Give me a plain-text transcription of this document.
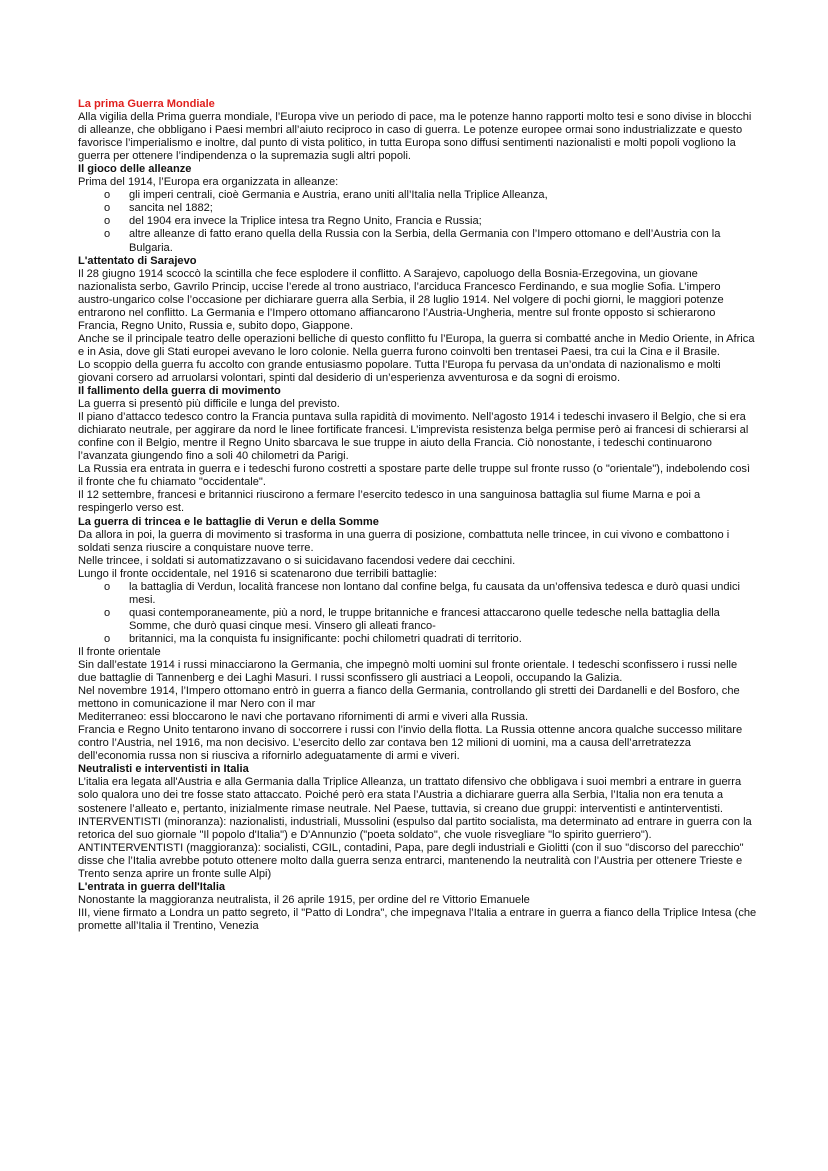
La prima Guerra Mondiale

Alla vigilia della Prima guerra mondiale, l’Europa vive un periodo di pace, ma le potenze hanno rapporti molto tesi e sono divise in blocchi di alleanze, che obbligano i Paesi membri all’aiuto reciproco in caso di guerra. Le potenze europee ormai sono industrializzate e questo favorisce l’imperialismo e inoltre, dal punto di vista politico, in tutta Europa sono diffusi sentimenti nazionalisti e molti popoli vogliono la guerra per ottenere l’indipendenza o la supremazia sugli altri popoli.

Il gioco delle alleanze

Prima del 1914, l’Europa era organizzata in alleanze:

o gli imperi centrali, cioè Germania e Austria, erano uniti all’Italia nella Triplice Alleanza,
o sancita nel 1882;
o del 1904 era invece la Triplice intesa tra Regno Unito, Francia e Russia;
o altre alleanze di fatto erano quella della Russia con la Serbia, della Germania con l’Impero ottomano e dell’Austria con la Bulgaria.

L'attentato di Sarajevo

Il 28 giugno 1914 scoccò la scintilla che fece esplodere il conflitto. A Sarajevo, capoluogo della Bosnia-Erzegovina, un giovane nazionalista serbo, Gavrilo Princip, uccise l’erede al trono austriaco, l’arciduca Francesco Ferdinando, e sua moglie Sofia. L’impero austro-ungarico colse l’occasione per dichiarare guerra alla Serbia, il 28 luglio 1914. Nel volgere di pochi giorni, le maggiori potenze entrarono nel conflitto. La Germania e l’Impero ottomano affiancarono l’Austria-Ungheria, mentre sul fronte opposto si schierarono Francia, Regno Unito, Russia e, subito dopo, Giappone.

Anche se il principale teatro delle operazioni belliche di questo conflitto fu l’Europa, la guerra si combatté anche in Medio Oriente, in Africa e in Asia, dove gli Stati europei avevano le loro colonie. Nella guerra furono coinvolti ben trentasei Paesi, tra cui la Cina e il Brasile.

Lo scoppio della guerra fu accolto con grande entusiasmo popolare. Tutta l’Europa fu pervasa da un’ondata di nazionalismo e molti giovani corsero ad arruolarsi volontari, spinti dal desiderio di un’esperienza avventurosa e da sogni di eroismo.

Il fallimento della guerra di movimento

La guerra si presentò più difficile e lunga del previsto.

Il piano d’attacco tedesco contro la Francia puntava sulla rapidità di movimento. Nell’agosto 1914 i tedeschi invasero il Belgio, che si era dichiarato neutrale, per aggirare da nord le linee fortificate francesi. L’imprevista resistenza belga permise però ai francesi di schierarsi al confine con il Belgio, mentre il Regno Unito sbarcava le sue truppe in aiuto della Francia. Ciò nonostante, i tedeschi continuarono l’avanzata giungendo fino a soli 40 chilometri da Parigi.

La Russia era entrata in guerra e i tedeschi furono costretti a spostare parte delle truppe sul fronte russo (o "orientale"), indebolendo così il fronte che fu chiamato "occidentale".

Il 12 settembre, francesi e britannici riuscirono a fermare l’esercito tedesco in una sanguinosa battaglia sul fiume Marna e poi a respingerlo verso est.

La guerra di trincea e le battaglie di Verun e della Somme

Da allora in poi, la guerra di movimento si trasforma in una guerra di posizione, combattuta nelle trincee, in cui vivono e combattono i soldati senza riuscire a conquistare nuove terre.

Nelle trincee, i soldati si automatizzavano o si suicidavano facendosi vedere dai cecchini.

Lungo il fronte occidentale, nel 1916 si scatenarono due terribili battaglie:

o la battaglia di Verdun, località francese non lontano dal confine belga, fu causata da un’offensiva tedesca e durò quasi undici mesi.
o quasi contemporaneamente, più a nord, le truppe britanniche e francesi attaccarono quelle tedesche nella battaglia della Somme, che durò quasi cinque mesi. Vinsero gli alleati franco-
o britannici, ma la conquista fu insignificante: pochi chilometri quadrati di territorio.

Il fronte orientale

Sin dall’estate 1914 i russi minacciarono la Germania, che impegnò molti uomini sul fronte orientale. I tedeschi sconfissero i russi nelle due battaglie di Tannenberg e dei Laghi Masuri. I russi sconfissero gli austriaci a Leopoli, occupando la Galizia.

Nel novembre 1914, l’Impero ottomano entrò in guerra a fianco della Germania, controllando gli stretti dei Dardanelli e del Bosforo, che mettono in comunicazione il mar Nero con il mar

Mediterraneo: essi bloccarono le navi che portavano rifornimenti di armi e viveri alla Russia.

Francia e Regno Unito tentarono invano di soccorrere i russi con l’invio della flotta. La Russia ottenne ancora qualche successo militare contro l’Austria, nel 1916, ma non decisivo. L’esercito dello zar contava ben 12 milioni di uomini, ma a causa dell’arretratezza dell’economia russa non si riusciva a rifornirlo adeguatamente di armi e viveri.

Neutralisti e interventisti in Italia

L’italia era legata all'Austria e alla Germania dalla Triplice Alleanza, un trattato difensivo che obbligava i suoi membri a entrare in guerra solo qualora uno dei tre fosse stato attaccato. Poiché però era stata l’Austria a dichiarare guerra alla Serbia, l’Italia non era tenuta a sostenere l’alleato e, pertanto, inizialmente rimase neutrale. Nel Paese, tuttavia, si creano due gruppi: interventisti e antinterventisti. INTERVENTISTI (minoranza): nazionalisti, industriali, Mussolini (espulso dal partito socialista, ma determinato ad entrare in guerra con la retorica del suo giornale "Il popolo d'Italia") e D'Annunzio ("poeta soldato", che vuole risvegliare "lo spirito guerriero").

ANTINTERVENTISTI (maggioranza): socialisti, CGIL, contadini, Papa, pare degli industriali e Giolitti (con il suo "discorso del parecchio" disse che l’Italia avrebbe potuto ottenere molto dalla guerra senza entrarci, mantenendo la neutralità con l’Austria per ottenere Trieste e Trento senza aprire un fronte sulle Alpi)

L'entrata in guerra dell'Italia

Nonostante la maggioranza neutralista, il 26 aprile 1915, per ordine del re Vittorio Emanuele

III, viene firmato a Londra un patto segreto, il "Patto di Londra", che impegnava l’Italia a entrare in guerra a fianco della Triplice Intesa (che promette all’Italia il Trentino, Venezia
